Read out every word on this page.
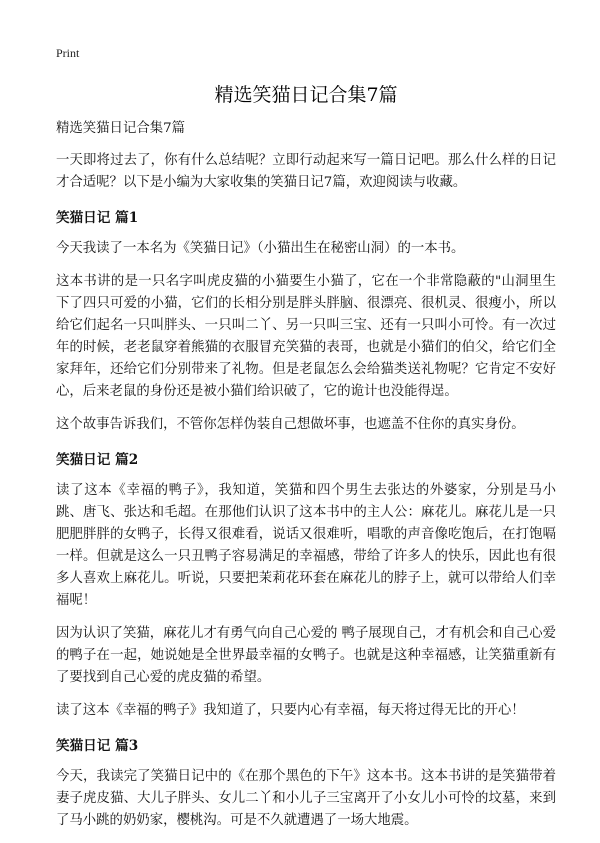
Print
精选笑猫日记合集7篇

精选笑猫日记合集7篇

一天即将过去了，你有什么总结呢？立即行动起来写一篇日记吧。那么什么样的日记才合适呢？以下是小编为大家收集的笑猫日记7篇，欢迎阅读与收藏。

笑猫日记 篇1

今天我读了一本名为《笑猫日记》（小猫出生在秘密山洞）的一本书。

这本书讲的是一只名字叫虎皮猫的小猫要生小猫了，它在一个非常隐蔽的"山洞里生下了四只可爱的小猫，它们的长相分别是胖头胖脑、很漂亮、很机灵、很瘦小，所以给它们起名一只叫胖头、一只叫二丫、另一只叫三宝、还有一只叫小可怜。有一次过年的时候，老老鼠穿着熊猫的衣服冒充笑猫的表哥，也就是小猫们的伯父，给它们全家拜年，还给它们分别带来了礼物。但是老鼠怎么会给猫类送礼物呢？它肯定不安好心，后来老鼠的身份还是被小猫们给识破了，它的诡计也没能得逞。

这个故事告诉我们，不管你怎样伪装自己想做坏事，也遮盖不住你的真实身份。

笑猫日记 篇2

读了这本《幸福的鸭子》，我知道，笑猫和四个男生去张达的外婆家，分别是马小跳、唐飞、张达和毛超。在那他们认识了这本书中的主人公：麻花儿。麻花儿是一只肥肥胖胖的女鸭子，长得又很难看，说话又很难听，唱歌的声音像吃饱后，在打饱嗝一样。但就是这么一只丑鸭子容易满足的幸福感，带给了许多人的快乐，因此也有很多人喜欢上麻花儿。听说，只要把茉莉花环套在麻花儿的脖子上，就可以带给人们幸福呢！

因为认识了笑猫，麻花儿才有勇气向自己心爱的 鸭子展现自己，才有机会和自己心爱的鸭子在一起，她说她是全世界最幸福的女鸭子。也就是这种幸福感，让笑猫重新有了要找到自己心爱的虎皮猫的希望。

读了这本《幸福的鸭子》我知道了，只要内心有幸福，每天将过得无比的开心！

笑猫日记 篇3

今天，我读完了笑猫日记中的《在那个黑色的下午》这本书。这本书讲的是笑猫带着妻子虎皮猫、大儿子胖头、女儿二丫和小儿子三宝离开了小女儿小可怜的坟墓，来到了马小跳的奶奶家，樱桃沟。可是不久就遭遇了一场大地震。
